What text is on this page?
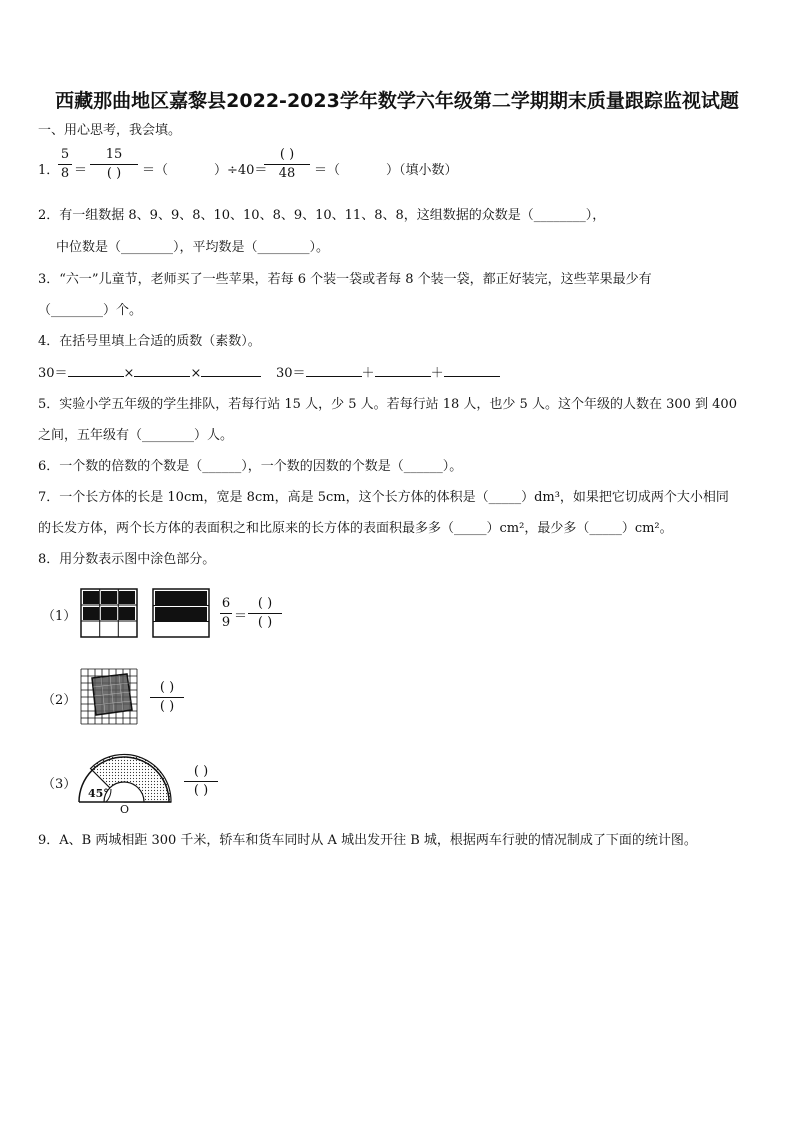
西藏那曲地区嘉黎县2022-2023学年数学六年级第二学期期末质量跟踪监视试题
一、用心思考，我会填。
1．
5
8 ＝
15
( )	＝（	）÷40＝
( )
48	＝（	）（填小数）
2．有一组数据 8、9、9、8、10、10、8、9、10、11、8、8，这组数据的众数是（________），
中位数是（________），平均数是（________）。
3．“六一”儿童节，老师买了一些苹果，若每 6 个装一袋或者每 8 个装一袋，都正好装完，这些苹果最少有
（________）个。
4．在括号里填上合适的质数（素数）。
30＝	×	×	30＝	＋	＋
5．实验小学五年级的学生排队，若每行站 15 人，少 5 人。若每行站 18 人，也少 5 人。这个年级的人数在 300 到 400
之间，五年级有（________）人。
6．一个数的倍数的个数是（______），一个数的因数的个数是（______）。
7．一个长方体的长是 10cm，宽是 8cm，高是 5cm，这个长方体的体积是（_____）dm³，如果把它切成两个大小相同
的长发方体，两个长方体的表面积之和比原来的长方体的表面积最多多（_____）cm²，最少多（_____）cm²。
8．用分数表示图中涂色部分。
（1）
6
9 ＝
( )
( )
（2）
( )
( )
（3）
45°
O
( )
( )
9．A、B 两城相距 300 千米，轿车和货车同时从 A 城出发开往 B 城，根据两车行驶的情况制成了下面的统计图。
